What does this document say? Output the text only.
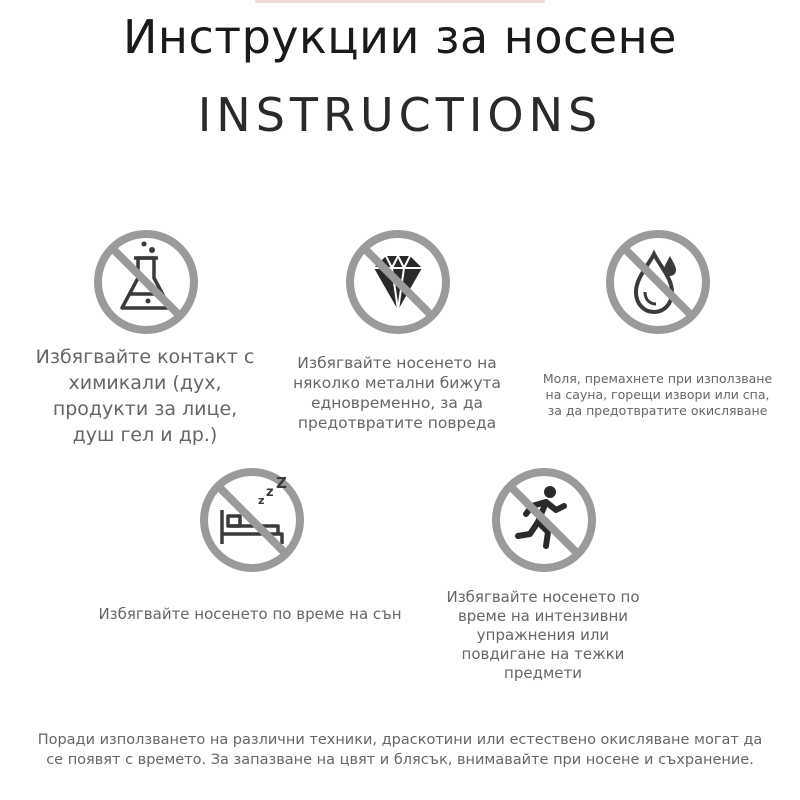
Инструкции за носене
INSTRUCTIONS
z
z
Z
Избягвайте контакт с
химикали (дух,
продукти за лице,
душ гел и др.)
Избягвайте носенето на
няколко метални бижута
едновременно, за да
предотвратите повреда
Моля, премахнете при използване
на сауна, горещи извори или спа,
за да предотвратите окисляване
Избягвайте носенето по време на сън
Избягвайте носенето по
време на интензивни
упражнения или
повдигане на тежки
предмети
Поради използването на различни техники, драскотини или естествено окисляване могат да
се появят с времето. За запазване на цвят и блясък, внимавайте при носене и съхранение.
